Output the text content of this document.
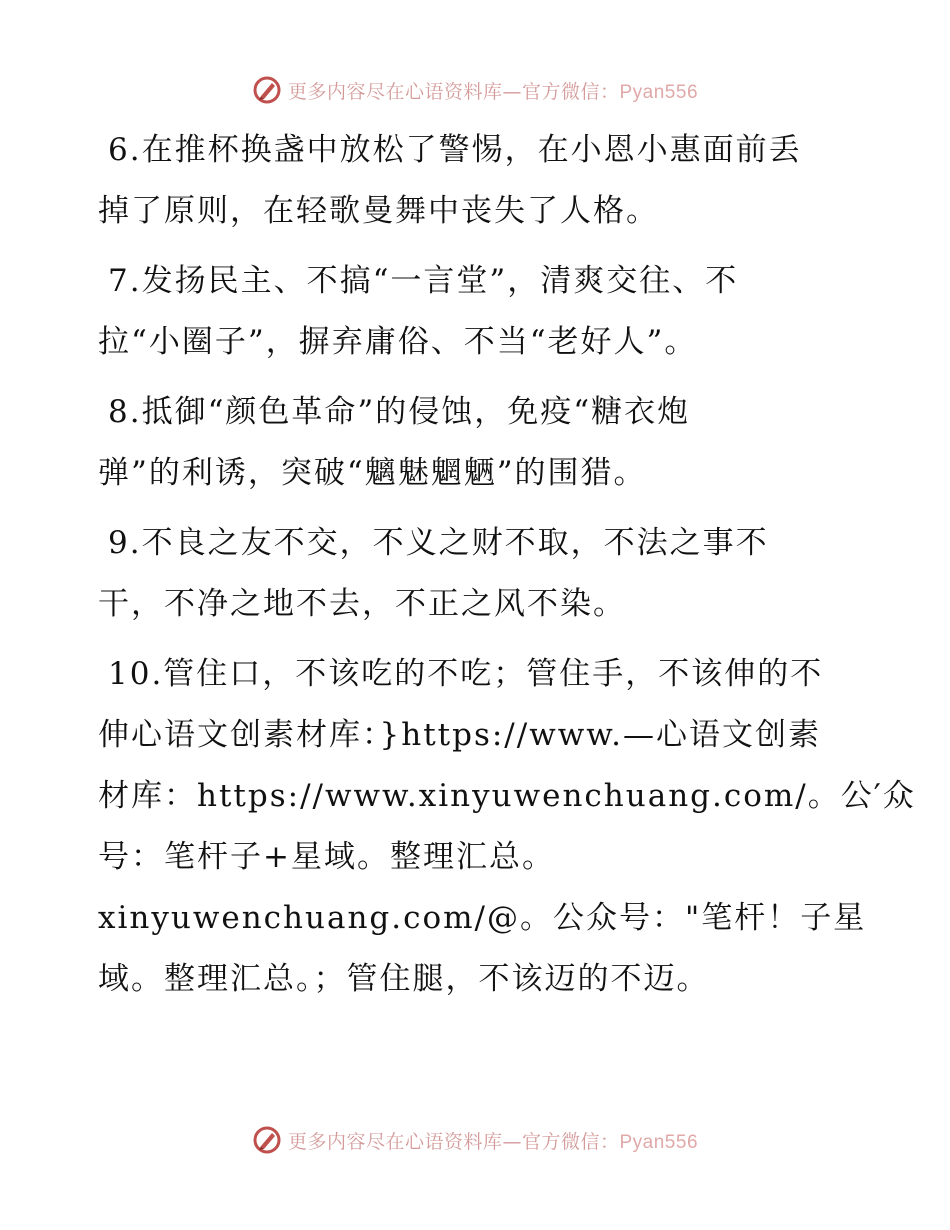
更多内容尽在心语资料库—官方微信：Pyan556
6.在推杯换盏中放松了警惕，在小恩小惠面前丢
掉了原则，在轻歌曼舞中丧失了人格。
7.发扬民主、不搞“一言堂”，清爽交往、不
拉“小圈子”，摒弃庸俗、不当“老好人”。
8.抵御“颜色革命”的侵蚀，免疫“糖衣炮
弹”的利诱，突破“魑魅魍魉”的围猎。
9.不良之友不交，不义之财不取，不法之事不
干，不净之地不去，不正之风不染。
10.管住口，不该吃的不吃；管住手，不该伸的不
伸心语文创素材库：}https://www.—心语文创素
材库：https://www.xinyuwenchuang.com/。公′众
号：笔杆子+星域。整理汇总。
xinyuwenchuang.com/@。公众号："笔杆！子星
域。整理汇总。；管住腿，不该迈的不迈。
更多内容尽在心语资料库—官方微信：Pyan556
